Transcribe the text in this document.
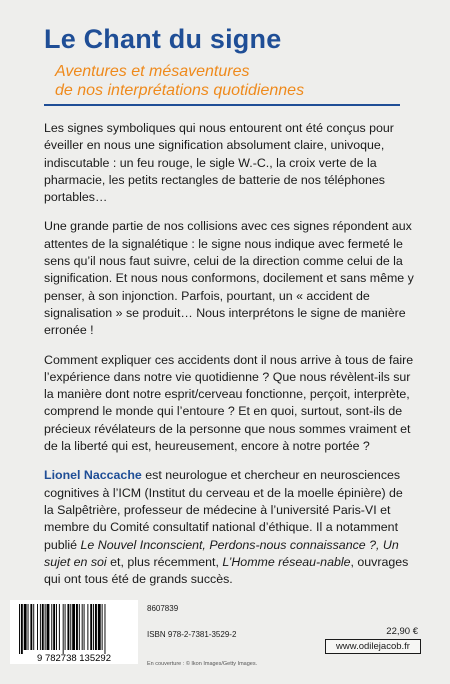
Le Chant du signe
Aventures et mésaventures
de nos interprétations quotidiennes

Les signes symboliques qui nous entourent ont été conçus pour éveiller en nous une signification absolument claire, univoque, indiscutable : un feu rouge, le sigle W.-C., la croix verte de la pharmacie, les petits rectangles de batterie de nos téléphones portables…

Une grande partie de nos collisions avec ces signes répondent aux attentes de la signalétique : le signe nous indique avec fermeté le sens qu’il nous faut suivre, celui de la direction comme celui de la signification. Et nous nous conformons, docilement et sans même y penser, à son injonction. Parfois, pourtant, un « accident de signalisation » se produit… Nous interprétons le signe de manière erronée !

Comment expliquer ces accidents dont il nous arrive à tous de faire l’expérience dans notre vie quotidienne ? Que nous révèlent-ils sur la manière dont notre esprit/cerveau fonctionne, perçoit, interprète, comprend le monde qui l’entoure ? Et en quoi, surtout, sont-ils de précieux révélateurs de la personne que nous sommes vraiment et de la liberté qui est, heureusement, encore à notre portée ?

Lionel Naccache est neurologue et chercheur en neurosciences cognitives à l’ICM (Institut du cerveau et de la moelle épinière) de la Salpêtrière, professeur de médecine à l’université Paris-VI et membre du Comité consultatif national d’éthique. Il a notamment publié Le Nouvel Inconscient, Perdons-nous connaissance ?, Un sujet en soi et, plus récemment, L’Homme réseau-nable, ouvrages qui ont tous été de grands succès.

9 782738 135292
8607839
ISBN 978-2-7381-3529-2
En couverture : © Ikon Images/Getty Images.
22,90 €
www.odilejacob.fr
